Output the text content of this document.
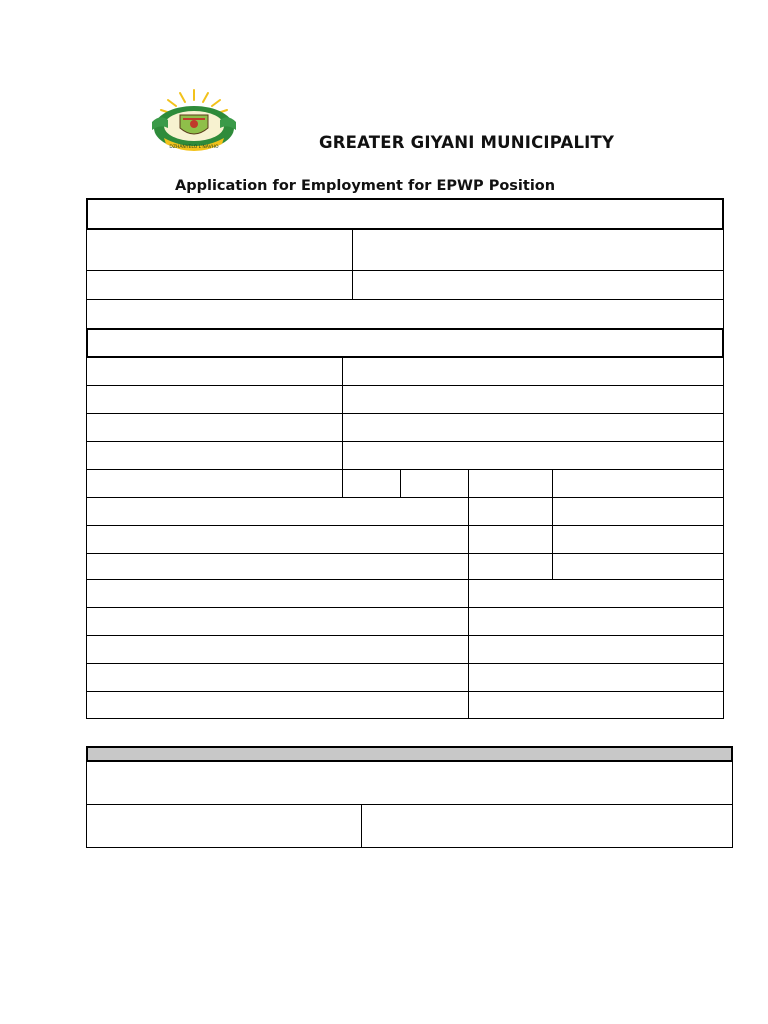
DZHANYELO L'NAVHO	GREATER GIYANI MUNICIPALITY
Application for Employment for EPWP Position
